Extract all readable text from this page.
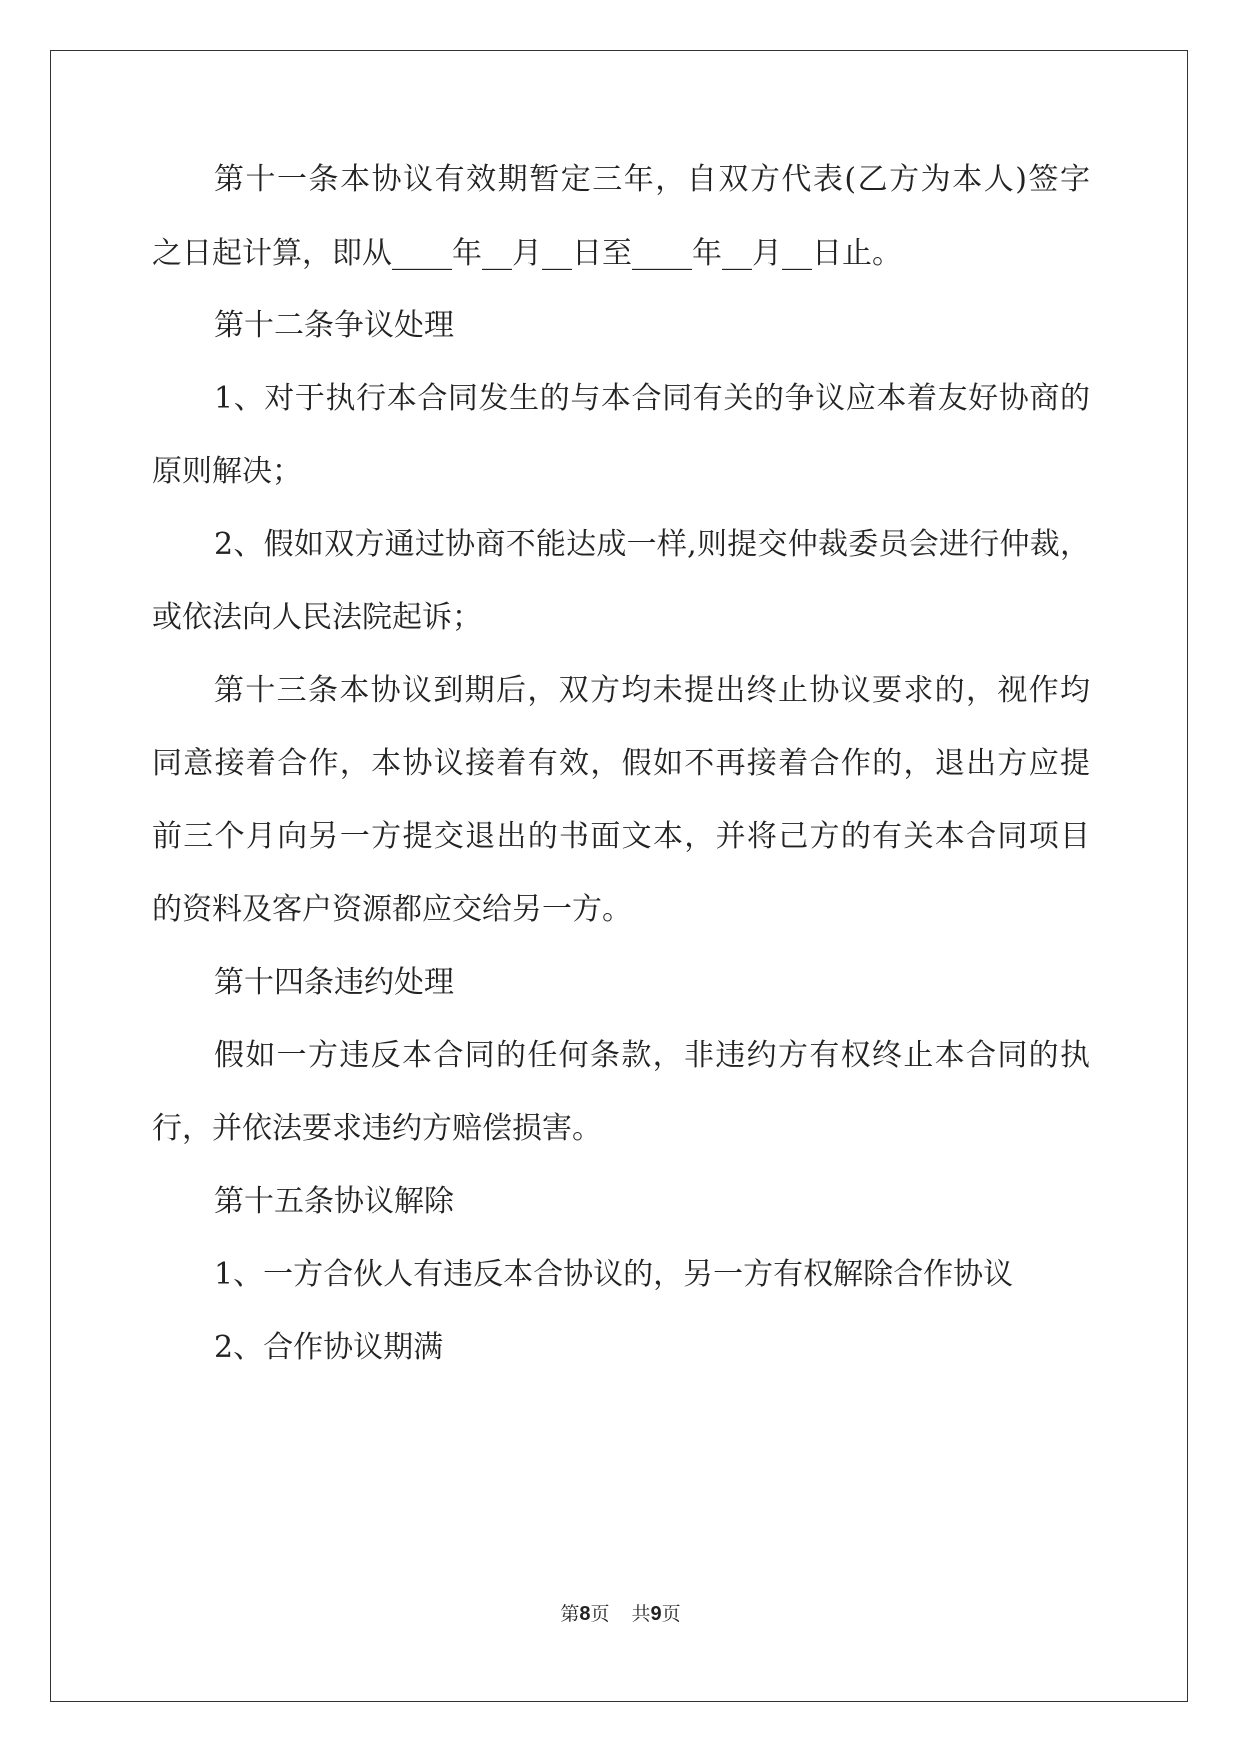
第十一条本协议有效期暂定三年，自双方代表(乙方为本人)签字

之日起计算，即从____年__月__日至____年__月__日止。

第十二条争议处理

1、对于执行本合同发生的与本合同有关的争议应本着友好协商的

原则解决；

2、假如双方通过协商不能达成一样,则提交仲裁委员会进行仲裁，

或依法向人民法院起诉；

第十三条本协议到期后，双方均未提出终止协议要求的，视作均

同意接着合作，本协议接着有效，假如不再接着合作的，退出方应提

前三个月向另一方提交退出的书面文本，并将己方的有关本合同项目

的资料及客户资源都应交给另一方。

第十四条违约处理

假如一方违反本合同的任何条款，非违约方有权终止本合同的执

行，并依法要求违约方赔偿损害。

第十五条协议解除

1、一方合伙人有违反本合协议的，另一方有权解除合作协议

2、合作协议期满

第8页 共9页
